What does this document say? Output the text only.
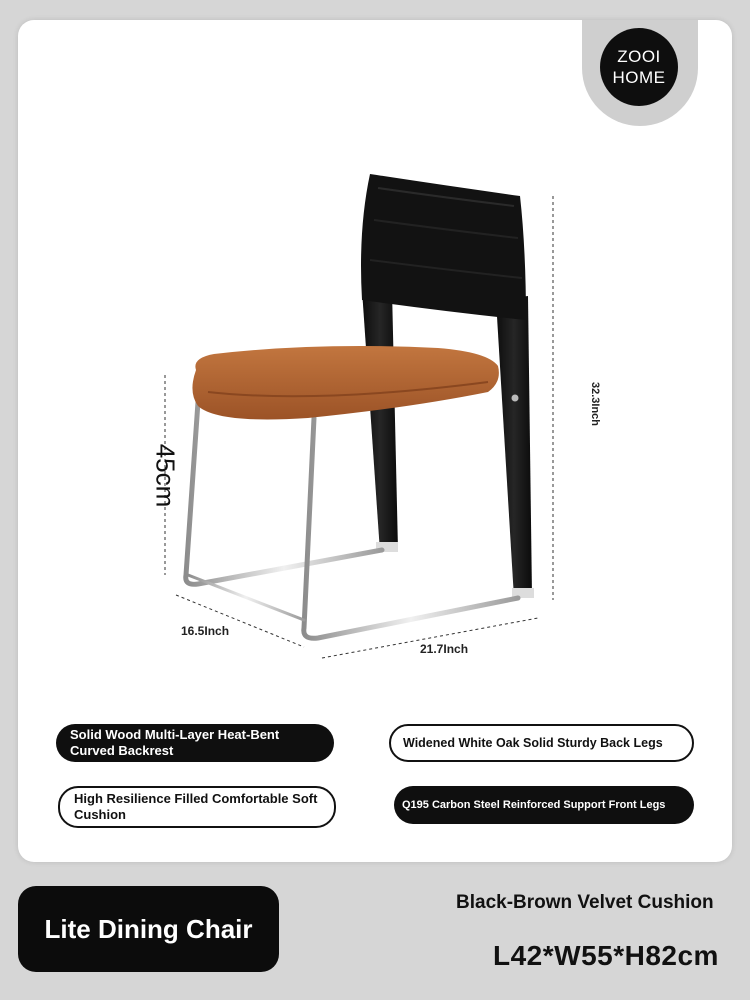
ZOOI
HOME
45cm
32.3Inch
16.5Inch
21.7Inch
Solid Wood Multi-Layer Heat-Bent Curved Backrest	Widened White Oak Solid Sturdy Back Legs
High Resilience Filled Comfortable Soft Cushion
Q195 Carbon Steel Reinforced Support Front Legs
Lite Dining Chair
Black-Brown Velvet Cushion
L42*W55*H82cm
